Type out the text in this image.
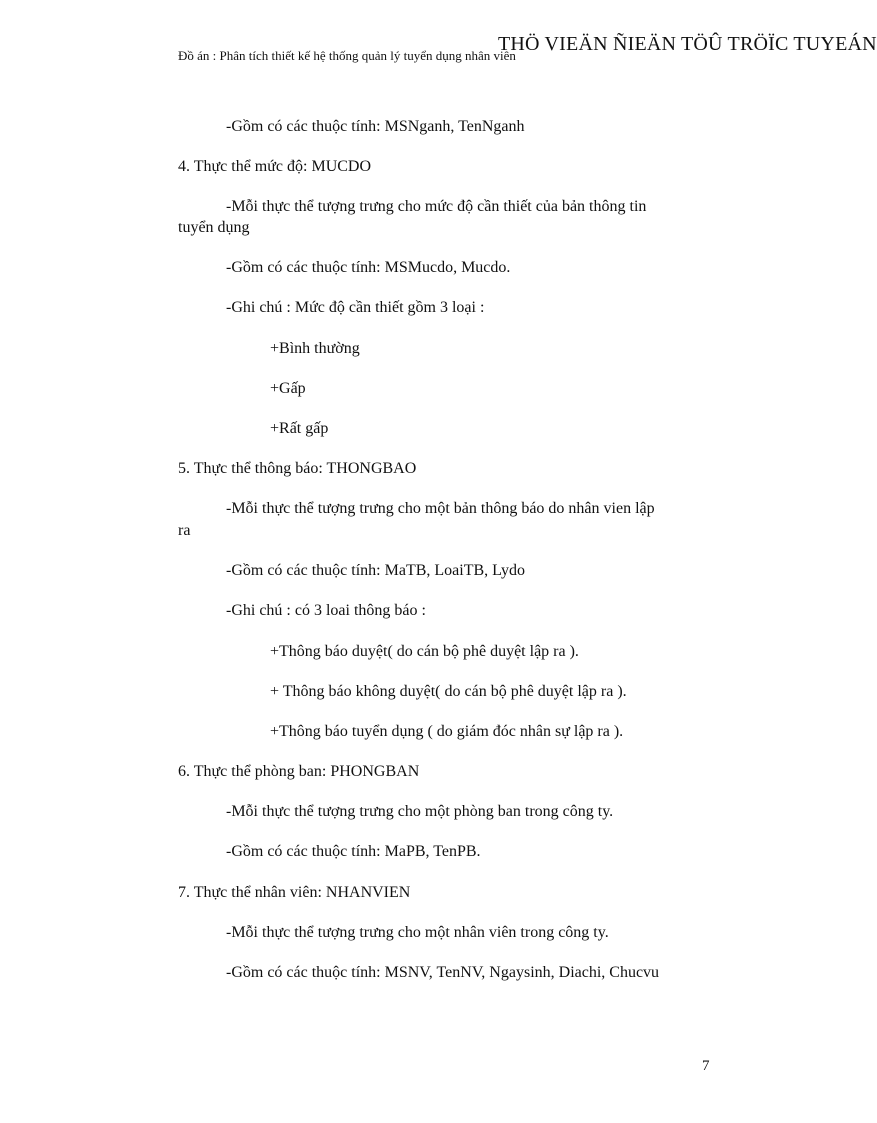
Đồ án : Phân tích thiết kế hệ thống quản lý tuyển dụng nhân viên
THÖ VIEÄN ÑIEÄN TÖÛ TRÖÏC TUYEÁN
-Gồm có các thuộc tính: MSNganh, TenNganh
4. Thực thể mức độ: MUCDO
-Mỗi thực thể tượng trưng cho mức độ cần thiết của bản thông tin
tuyển dụng
-Gồm có các thuộc tính: MSMucdo, Mucdo.
-Ghi chú : Mức độ cần thiết gồm 3 loại :
+Bình thường
+Gấp
+Rất gấp
5. Thực thể thông báo: THONGBAO
-Mỗi thực thể tượng trưng cho một bản thông báo do nhân vien lập
ra
-Gồm có các thuộc tính: MaTB, LoaiTB, Lydo
-Ghi chú : có 3 loai thông báo :
+Thông báo duyệt( do cán bộ phê duyệt lập ra ).
+ Thông báo không duyệt( do cán bộ phê duyệt lập ra ).
+Thông báo tuyển dụng ( do giám đóc nhân sự lập ra ).
6. Thực thể phòng ban: PHONGBAN
-Mỗi thực thể tượng trưng cho một phòng ban trong công ty.
-Gồm có các thuộc tính: MaPB, TenPB.
7. Thực thể nhân viên: NHANVIEN
-Mỗi thực thể tượng trưng cho một nhân viên trong công ty.
-Gồm có các thuộc tính: MSNV, TenNV, Ngaysinh, Diachi, Chucvu
7
